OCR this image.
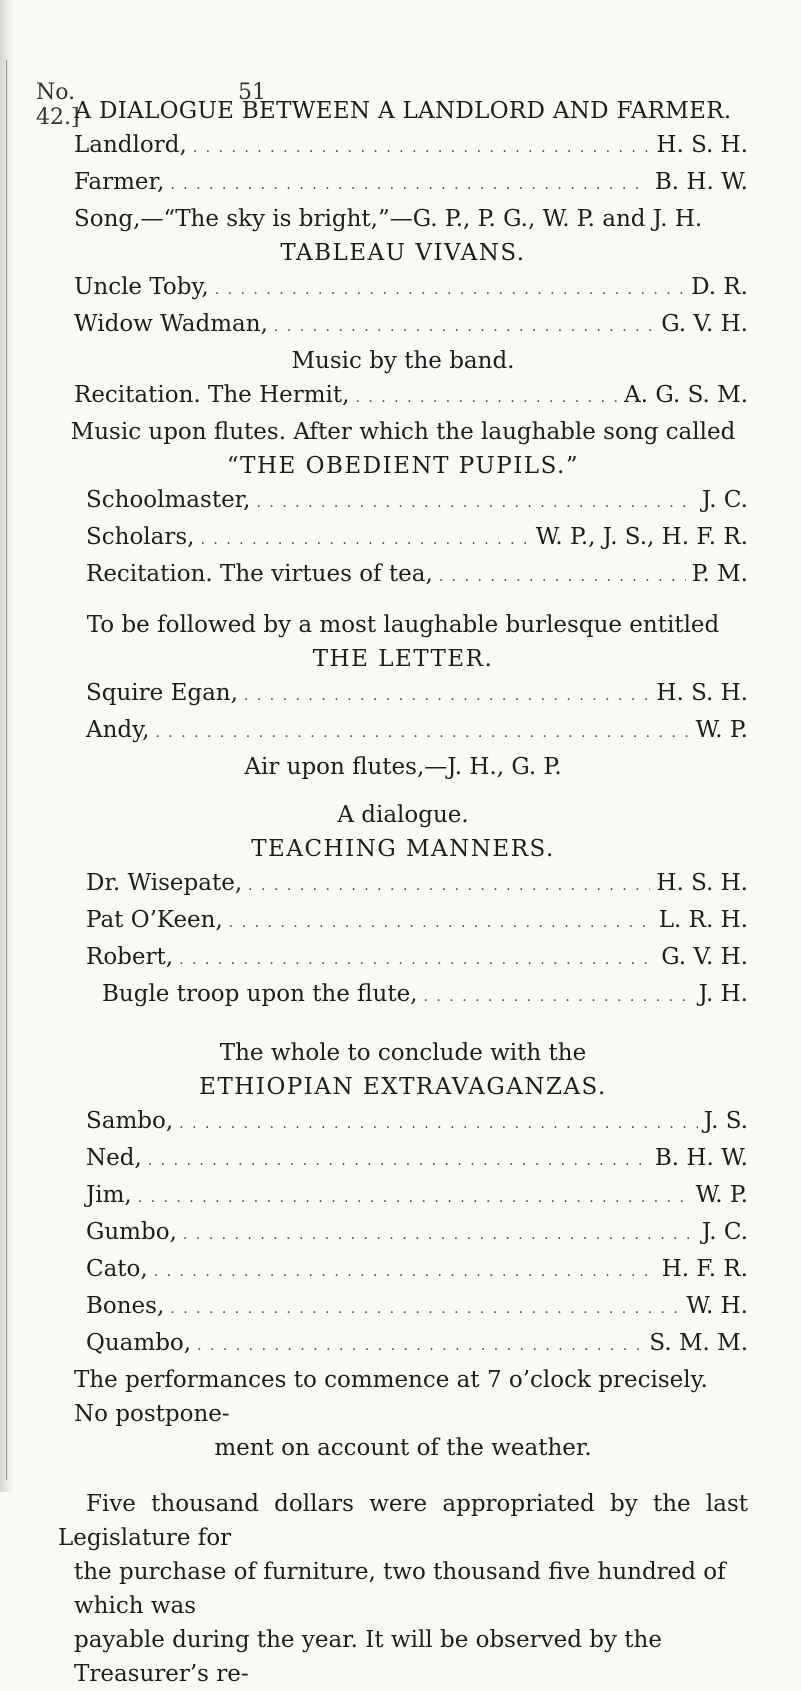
No. 42.]
51
A DIALOGUE BETWEEN A LANDLORD AND FARMER.
Landlord, . . .	H. S. H.
Farmer, . . .	B. H. W.
Song,—“The sky is bright,”—G. P., P. G., W. P. and J. H.
TABLEAU VIVANS.
Uncle Toby, . . .	D. R.
Widow Wadman, . . .	G. V. H.
Music by the band.
Recitation. The Hermit, . . .	A. G. S. M.
Music upon flutes. After which the laughable song called
“THE OBEDIENT PUPILS.”
Schoolmaster, . . .	J. C.
Scholars, . . .	W. P., J. S., H. F. R.
Recitation. The virtues of tea, . . .	P. M.
To be followed by a most laughable burlesque entitled
THE LETTER.
Squire Egan, . . .	H. S. H.
Andy, . . .	W. P.
Air upon flutes,—J. H., G. P.
A dialogue.
TEACHING MANNERS.
Dr. Wisepate, . . .	H. S. H.
Pat O’Keen, . . .	L. R. H.
Robert, . . .	G. V. H.
Bugle troop upon the flute, . . .	J. H.
The whole to conclude with the
ETHIOPIAN EXTRAVAGANZAS.
Sambo, . . .	J. S.
Ned, . . .	B. H. W.
Jim, . . .	W. P.
Gumbo, . . .	J. C.
Cato, . . .	H. F. R.
Bones, . . .	W. H.
Quambo, . . .	S. M. M.
The performances to commence at 7 o’clock precisely. No postpone-
ment on account of the weather.
Five thousand dollars were appropriated by the last Legislature for
the purchase of furniture, two thousand five hundred of which was
payable during the year. It will be observed by the Treasurer’s re-
